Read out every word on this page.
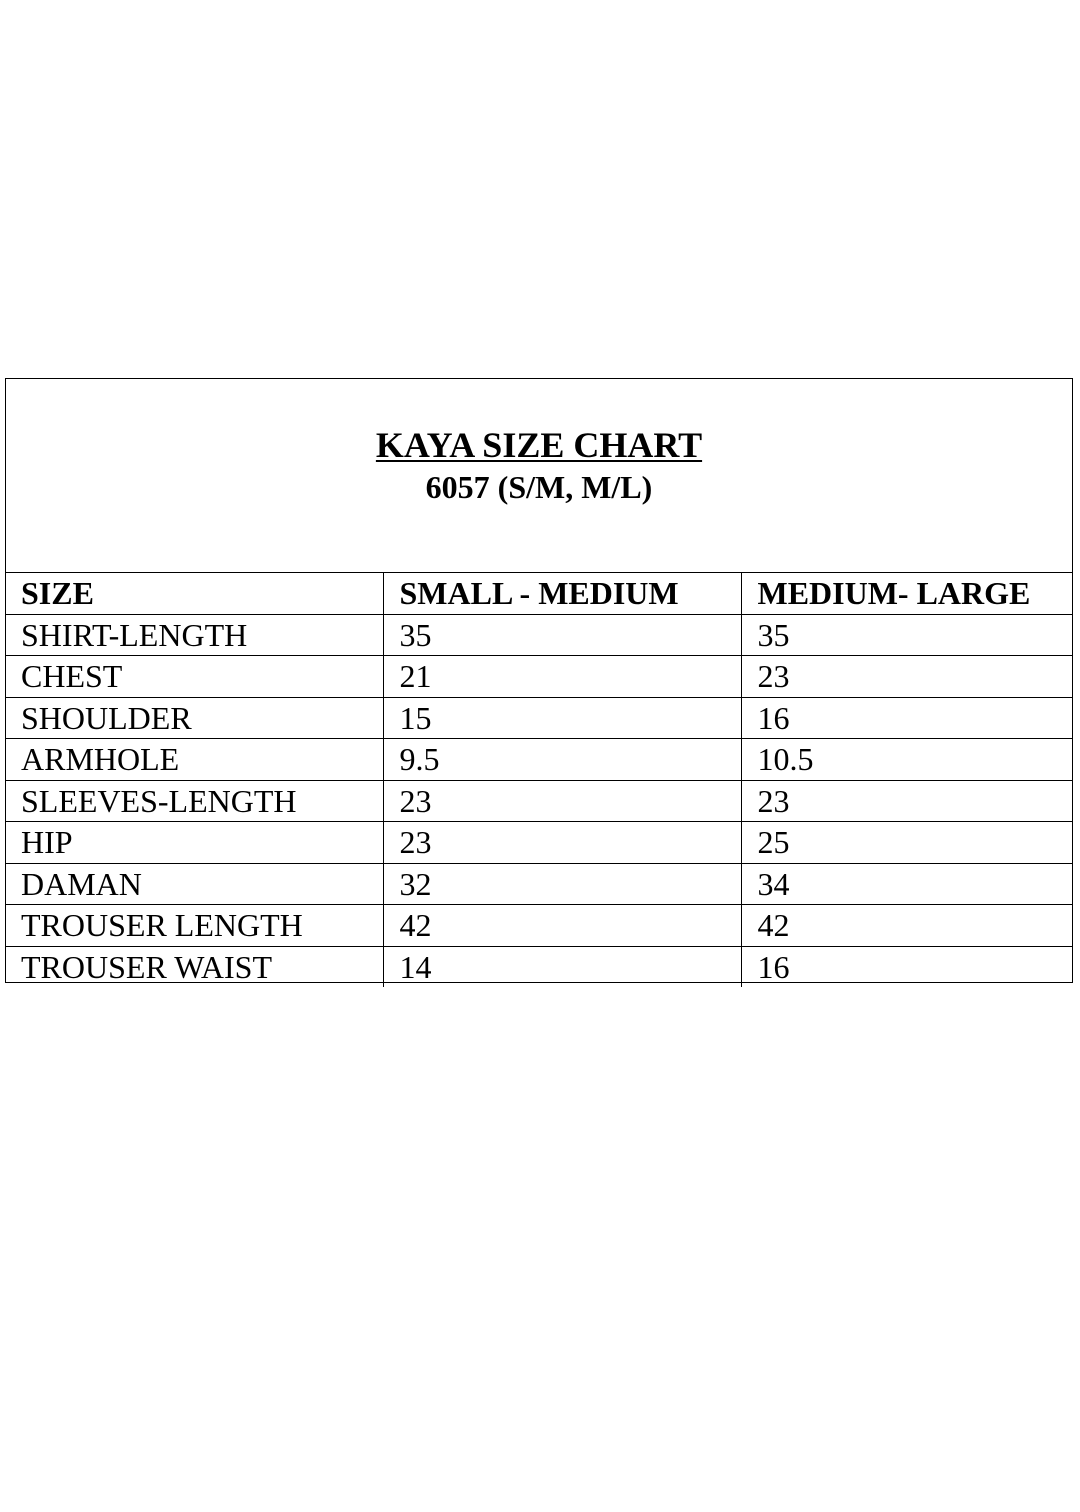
KAYA SIZE CHART
6057 (S/M, M/L)
SIZE	SMALL - MEDIUM	MEDIUM- LARGE
SHIRT-LENGTH	35	35
CHEST	21	23
SHOULDER	15	16
ARMHOLE	9.5	10.5
SLEEVES-LENGTH	23	23
HIP	23	25
DAMAN	32	34
TROUSER LENGTH	42	42
TROUSER WAIST	14	16
